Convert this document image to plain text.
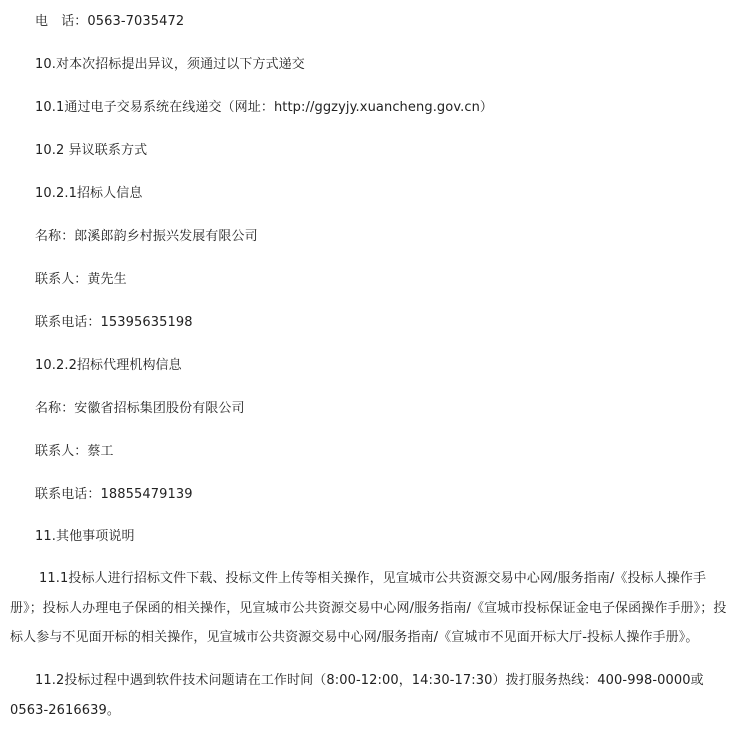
电　话：0563-7035472
10.对本次招标提出异议，须通过以下方式递交
10.1通过电子交易系统在线递交（网址：http://ggzyjy.xuancheng.gov.cn）
10.2 异议联系方式
10.2.1招标人信息
名称：郎溪郎韵乡村振兴发展有限公司
联系人：黄先生
联系电话：15395635198
10.2.2招标代理机构信息
名称：安徽省招标集团股份有限公司
联系人：蔡工
联系电话：18855479139
11.其他事项说明
11.1投标人进行招标文件下载、投标文件上传等相关操作，见宣城市公共资源交易中心网/服务指南/《投标人操作手册》；投标人办理电子保函的相关操作，见宣城市公共资源交易中心网/服务指南/《宣城市投标保证金电子保函操作手册》；投标人参与不见面开标的相关操作，见宣城市公共资源交易中心网/服务指南/《宣城市不见面开标大厅-投标人操作手册》。
11.2投标过程中遇到软件技术问题请在工作时间（8:00-12:00，14:30-17:30）拨打服务热线：400-998-0000或0563-2616639。
